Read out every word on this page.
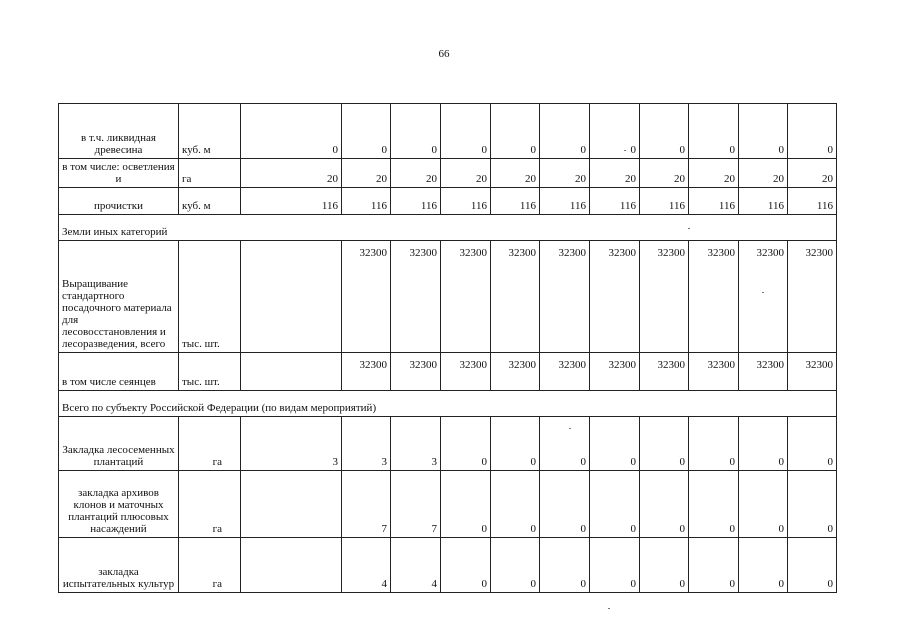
66
в т.ч. ликвидная древесина	куб. м	0	0	0	0	0	0	0	0	0	0	0
в том числе: осветления и	га	20	20	20	20	20	20	20	20	20	20	20
прочистки	куб. м	116	116	116	116	116	116	116	116	116	116	116
Земли иных категорий												
Выращивание стандартного посадочного материала для лесовосстановления и лесоразведения, всего	тыс. шт.		32300	32300	32300	32300	32300	32300	32300	32300	32300	32300
в том числе сеянцев	тыс. шт.		32300	32300	32300	32300	32300	32300	32300	32300	32300	32300
Всего по субъекту Российской Федерации (по видам мероприятий)												
Закладка лесосеменных плантаций	га	3	3	3	0	0	0	0	0	0	0	0
закладка архивов клонов и маточных плантаций плюсовых насаждений	га		7	7	0	0	0	0	0	0	0	0
закладка испытательных культур	га		4	4	0	0	0	0	0	0	0	0
